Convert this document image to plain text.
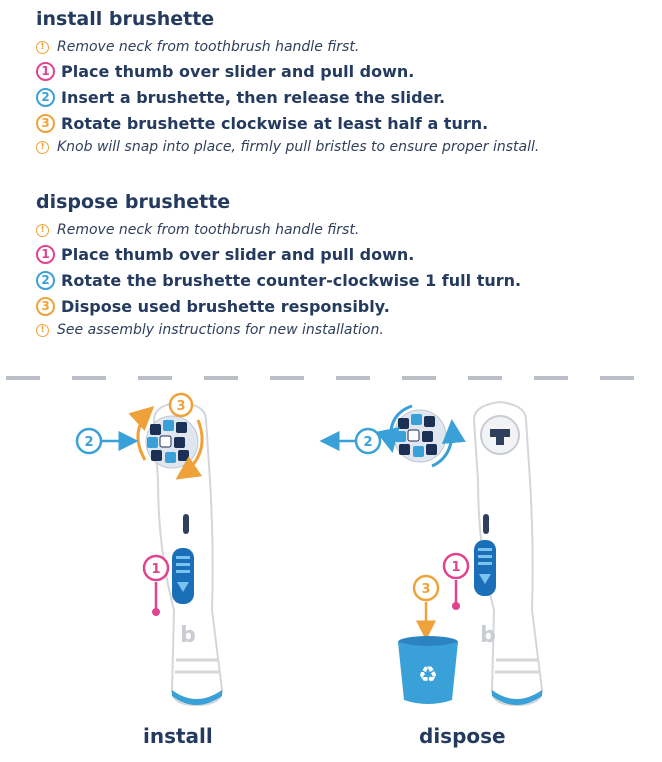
install brushette
! Remove neck from toothbrush handle first.
1 Place thumb over slider and pull down.
2 Insert a brushette, then release the slider.
3 Rotate brushette clockwise at least half a turn.
! Knob will snap into place, firmly pull bristles to ensure proper install.
dispose brushette
! Remove neck from toothbrush handle first.
1 Place thumb over slider and pull down.
2 Rotate the brushette counter-clockwise 1 full turn.
3 Dispose used brushette responsibly.
! See assembly instructions for new installation.
b
3
2
1
b
2
1
3
♻
install	dispose
